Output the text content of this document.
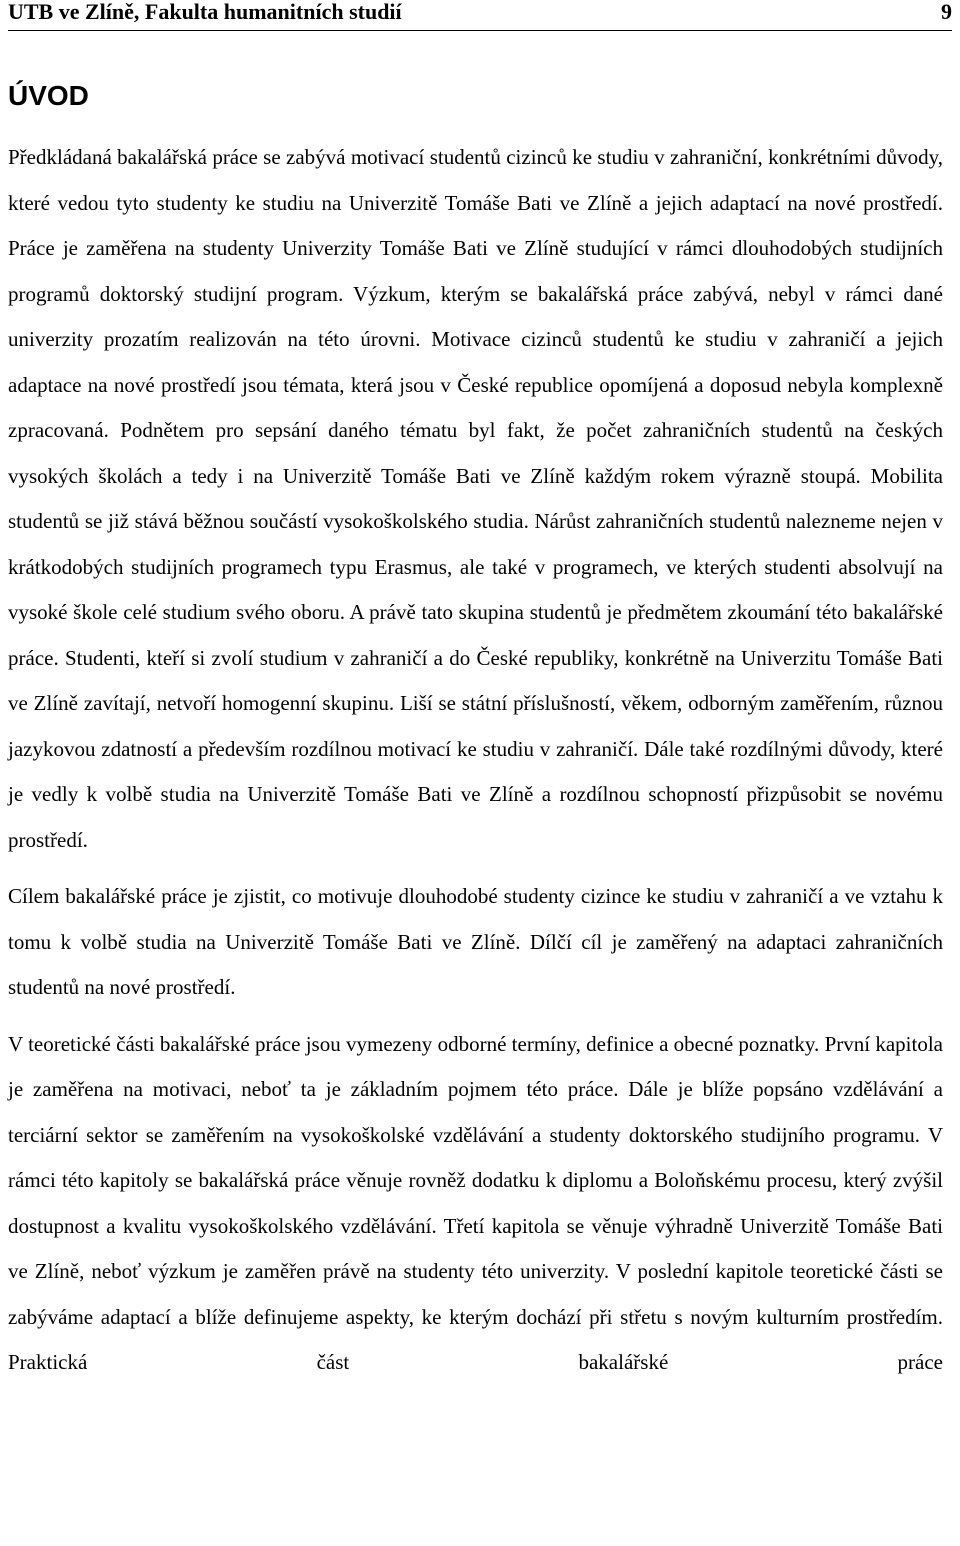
UTB ve Zlíně, Fakulta humanitních studií	9
ÚVOD

Předkládaná bakalářská práce se zabývá motivací studentů cizinců ke studiu v zahraniční, konkrétními důvody, které vedou tyto studenty ke studiu na Univerzitě Tomáše Bati ve Zlíně a jejich adaptací na nové prostředí. Práce je zaměřena na studenty Univerzity Tomáše Bati ve Zlíně studující v rámci dlouhodobých studijních programů doktorský studijní program. Výzkum, kterým se bakalářská práce zabývá, nebyl v rámci dané univerzity prozatím realizován na této úrovni. Motivace cizinců studentů ke studiu v zahraničí a jejich adaptace na nové prostředí jsou témata, která jsou v České republice opomíjená a doposud nebyla komplexně zpracovaná. Podnětem pro sepsání daného tématu byl fakt, že počet zahraničních studentů na českých vysokých školách a tedy i na Univerzitě Tomáše Bati ve Zlíně každým rokem výrazně stoupá. Mobilita studentů se již stává běžnou součástí vysokoškolského studia. Nárůst zahraničních studentů nalezneme nejen v krátkodobých studijních programech typu Erasmus, ale také v programech, ve kterých studenti absolvují na vysoké škole celé studium svého oboru. A právě tato skupina studentů je předmětem zkoumání této bakalářské práce. Studenti, kteří si zvolí studium v zahraničí a do České republiky, konkrétně na Univerzitu Tomáše Bati ve Zlíně zavítají, netvoří homogenní skupinu. Liší se státní příslušností, věkem, odborným zaměřením, různou jazykovou zdatností a především rozdílnou motivací ke studiu v zahraničí. Dále také rozdílnými důvody, které je vedly k volbě studia na Univerzitě Tomáše Bati ve Zlíně a rozdílnou schopností přizpůsobit se novému prostředí.

Cílem bakalářské práce je zjistit, co motivuje dlouhodobé studenty cizince ke studiu v zahraničí a ve vztahu k tomu k volbě studia na Univerzitě Tomáše Bati ve Zlíně. Dílčí cíl je zaměřený na adaptaci zahraničních studentů na nové prostředí.

V teoretické části bakalářské práce jsou vymezeny odborné termíny, definice a obecné poznatky. První kapitola je zaměřena na motivaci, neboť ta je základním pojmem této práce. Dále je blíže popsáno vzdělávání a terciární sektor se zaměřením na vysokoškolské vzdělávání a studenty doktorského studijního programu. V rámci této kapitoly se bakalářská práce věnuje rovněž dodatku k diplomu a Boloňskému procesu, který zvýšil dostupnost a kvalitu vysokoškolského vzdělávání. Třetí kapitola se věnuje výhradně Univerzitě Tomáše Bati ve Zlíně, neboť výzkum je zaměřen právě na studenty této univerzity. V poslední kapitole teoretické části se zabýváme adaptací a blíže definujeme aspekty, ke kterým dochází při střetu s novým kulturním prostředím. Praktická část bakalářské práce
